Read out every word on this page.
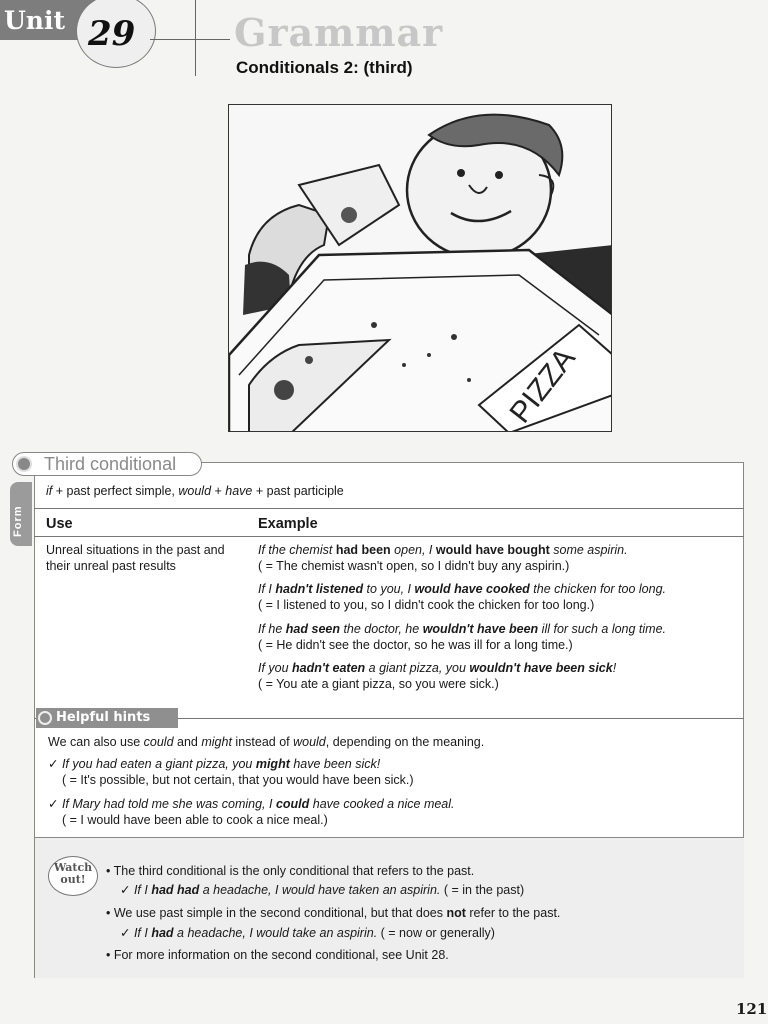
Unit 29	Grammar
Conditionals 2: (third)
PIZZA
Third conditional
Form
if + past perfect simple, would + have + past participle
Use	Example
Unreal situations in the past and
their unreal past results
If the chemist had been open, I would have bought some aspirin.
( = The chemist wasn't open, so I didn't buy any aspirin.)
If I hadn't listened to you, I would have cooked the chicken for too long.
( = I listened to you, so I didn't cook the chicken for too long.)
If he had seen the doctor, he wouldn't have been ill for such a long time.
( = He didn't see the doctor, so he was ill for a long time.)
If you hadn't eaten a giant pizza, you wouldn't have been sick!
( = You ate a giant pizza, so you were sick.)
Helpful hints
We can also use could and might instead of would, depending on the meaning.
✓ If you had eaten a giant pizza, you might have been sick!
( = It's possible, but not certain, that you would have been sick.)
✓ If Mary had told me she was coming, I could have cooked a nice meal.
( = I would have been able to cook a nice meal.)
Watch
out!
• The third conditional is the only conditional that refers to the past.
✓ If I had had a headache, I would have taken an aspirin. ( = in the past)
• We use past simple in the second conditional, but that does not refer to the past.
✓ If I had a headache, I would take an aspirin. ( = now or generally)
• For more information on the second conditional, see Unit 28.
121
